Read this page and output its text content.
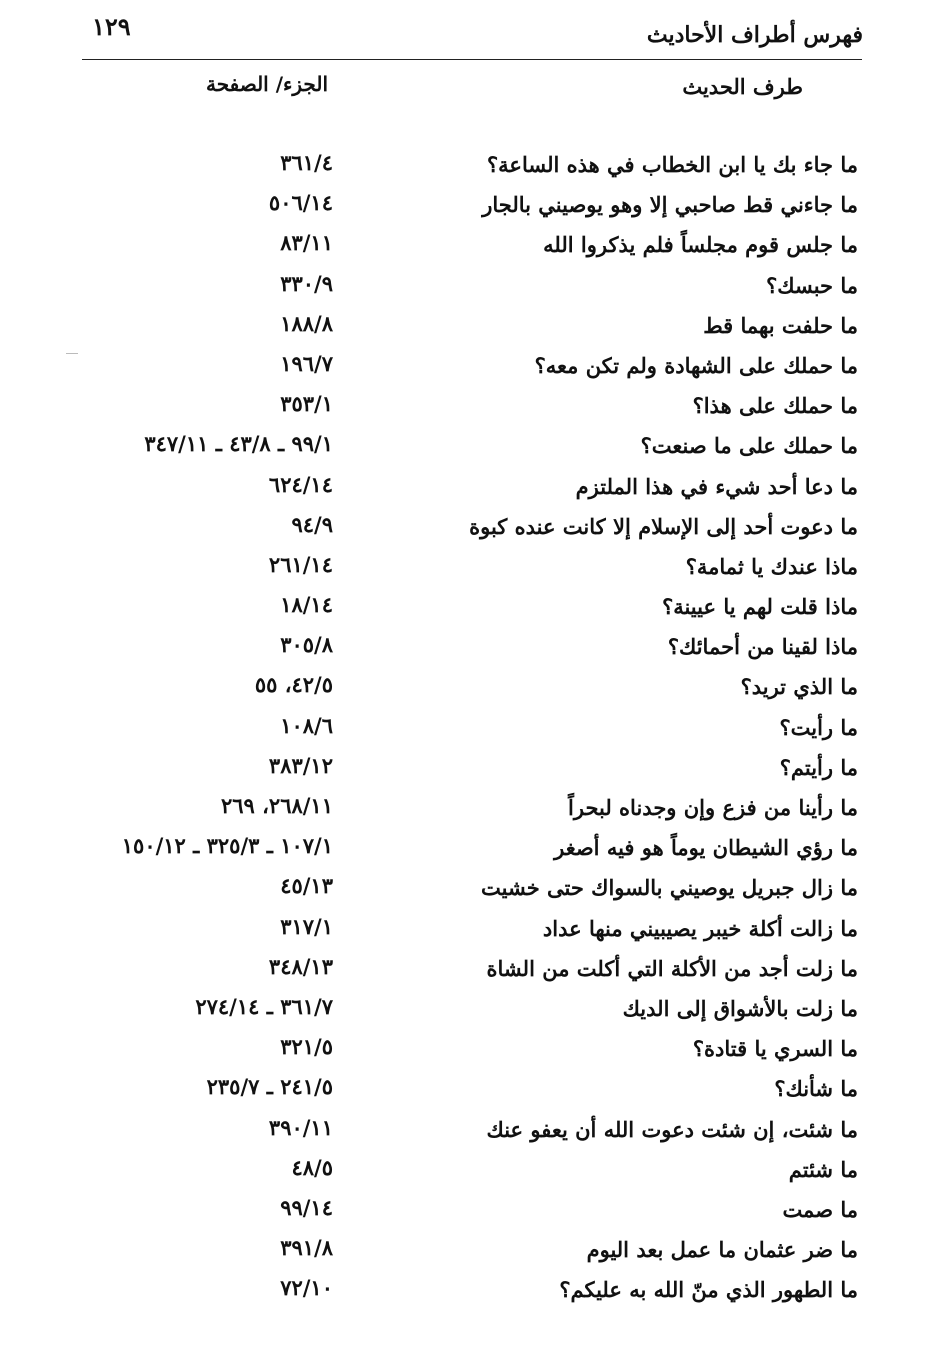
١٢٩	فهرس أطراف الأحاديث
الجزء/ الصفحة	طرف الحديث
ما جاء بك يا ابن الخطاب في هذه الساعة؟
٣٦١/٤
ما جاءني قط صاحبي إلا وهو يوصيني بالجار
٥٠٦/١٤
ما جلس قوم مجلساً فلم يذكروا الله
٨٣/١١
ما حبسك؟
٣٣٠/٩
ما حلفت بهما قط
١٨٨/٨
ما حملك على الشهادة ولم تكن معه؟
١٩٦/٧
ما حملك على هذا؟
٣٥٣/١
ما حملك على ما صنعت؟
٩٩/١ ـ ٤٣/٨ ـ ٣٤٧/١١
ما دعا أحد شيء في هذا الملتزم
٦٢٤/١٤
ما دعوت أحد إلى الإسلام إلا كانت عنده كبوة
٩٤/٩
ماذا عندك يا ثمامة؟
٢٦١/١٤
ماذا قلت لهم يا عيينة؟
١٨/١٤
ماذا لقينا من أحمائك؟
٣٠٥/٨
ما الذي تريد؟
٤٢/٥، ٥٥
ما رأيت؟
١٠٨/٦
ما رأيتم؟
٣٨٣/١٢
ما رأينا من فزع وإن وجدناه لبحراً
٢٦٨/١١، ٢٦٩
ما رؤي الشيطان يوماً هو فيه أصغر
١٠٧/١ ـ ٣٢٥/٣ ـ ١٥٠/١٢
ما زال جبريل يوصيني بالسواك حتى خشيت
٤٥/١٣
ما زالت أكلة خيبر يصيبيني منها عداد
٣١٧/١
ما زلت أجد من الأكلة التي أكلت من الشاة
٣٤٨/١٣
ما زلت بالأشواق إلى الديك
٣٦١/٧ ـ ٢٧٤/١٤
ما السري يا قتادة؟
٣٢١/٥
ما شأنك؟
٢٤١/٥ ـ ٢٣٥/٧
ما شئت، إن شئت دعوت الله أن يعفو عنك
٣٩٠/١١
ما شئتم
٤٨/٥
ما صمت
٩٩/١٤
ما ضر عثمان ما عمل بعد اليوم
٣٩١/٨
ما الطهور الذي منّ الله به عليكم؟
٧٢/١٠
